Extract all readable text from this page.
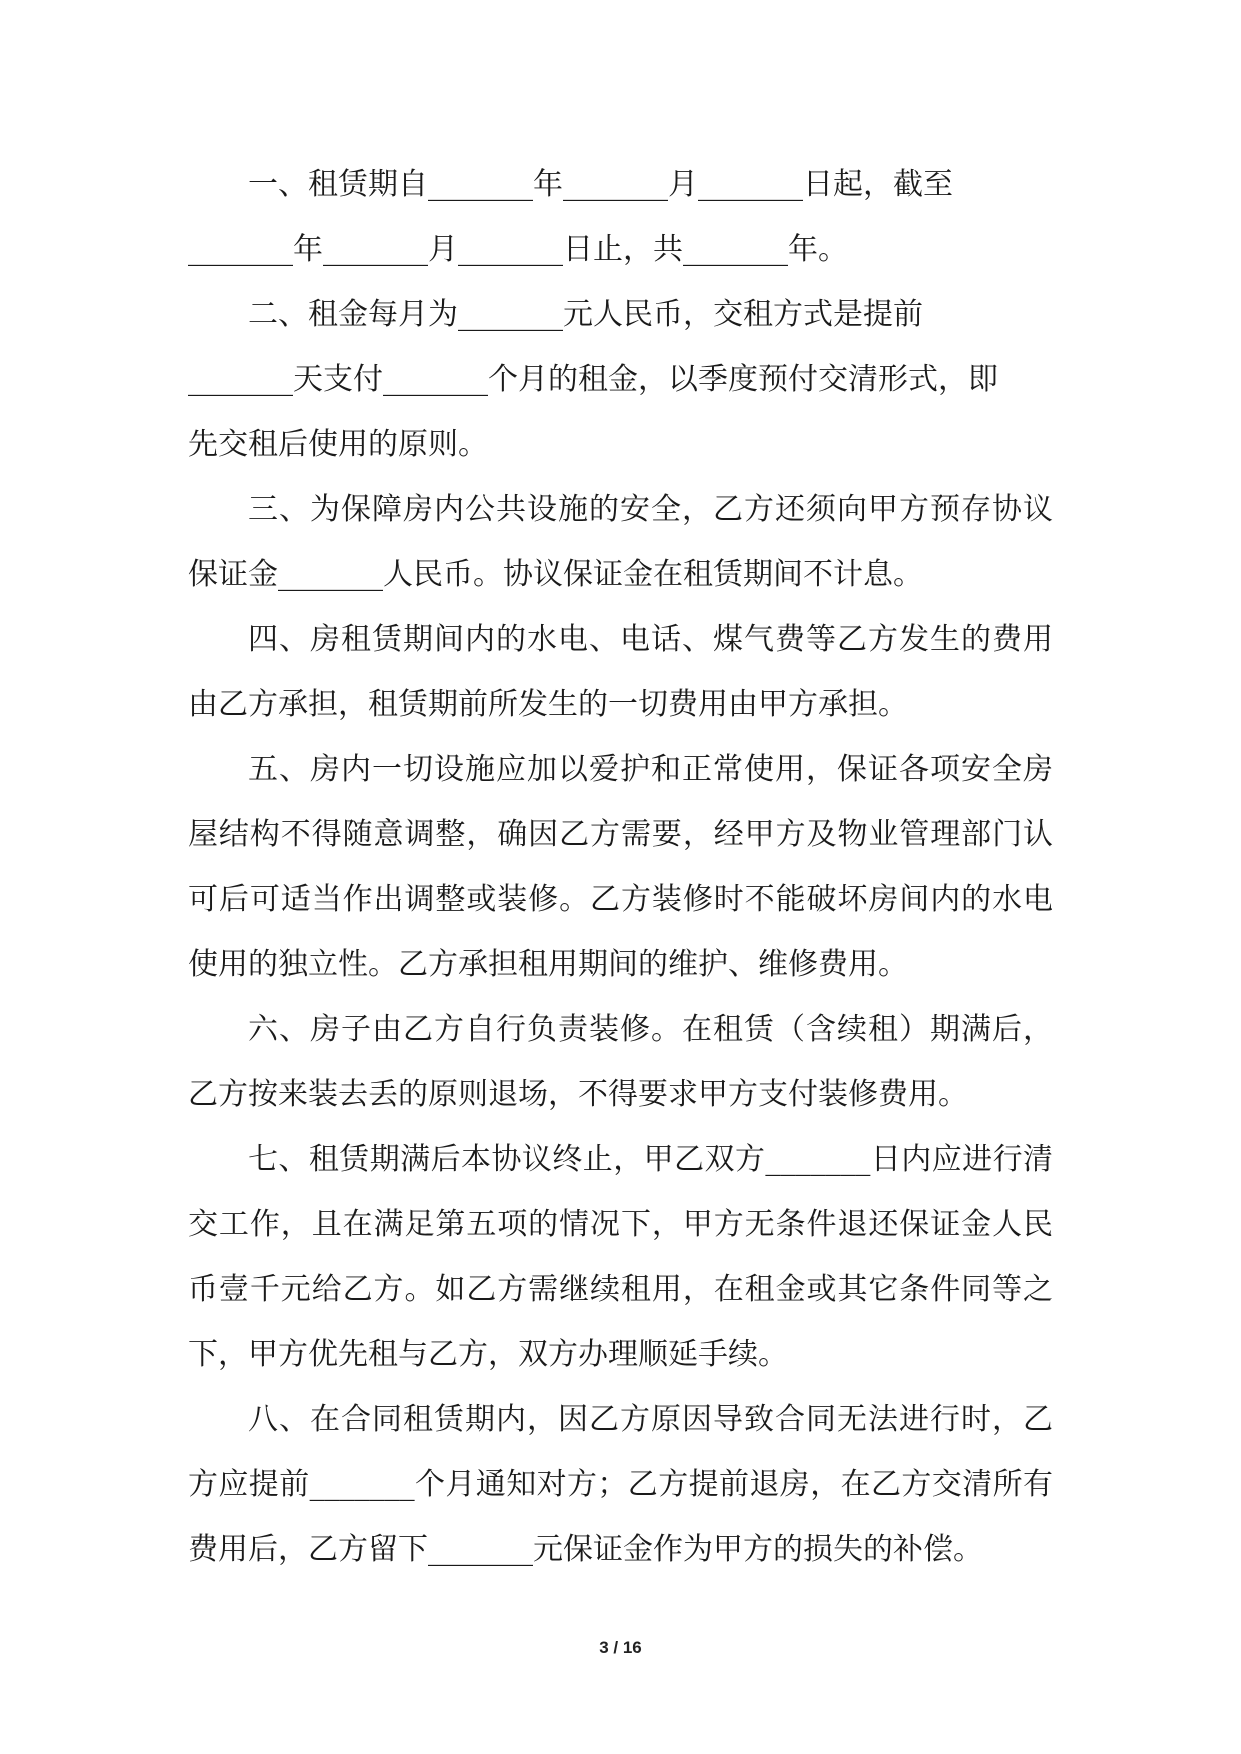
一、租赁期自_______年_______月_______日起，截至

_______年_______月_______日止，共_______年。

二、租金每月为_______元人民币，交租方式是提前

_______天支付_______个月的租金，以季度预付交清形式，即

先交租后使用的原则。

三、为保障房内公共设施的安全，乙方还须向甲方预存协议保证金_______人民币。协议保证金在租赁期间不计息。

四、房租赁期间内的水电、电话、煤气费等乙方发生的费用由乙方承担，租赁期前所发生的一切费用由甲方承担。

五、房内一切设施应加以爱护和正常使用，保证各项安全房屋结构不得随意调整，确因乙方需要，经甲方及物业管理部门认可后可适当作出调整或装修。乙方装修时不能破坏房间内的水电使用的独立性。乙方承担租用期间的维护、维修费用。

六、房子由乙方自行负责装修。在租赁（含续租）期满后，乙方按来装去丢的原则退场，不得要求甲方支付装修费用。

七、租赁期满后本协议终止，甲乙双方_______日内应进行清交工作，且在满足第五项的情况下，甲方无条件退还保证金人民币壹千元给乙方。如乙方需继续租用，在租金或其它条件同等之下，甲方优先租与乙方，双方办理顺延手续。

八、在合同租赁期内，因乙方原因导致合同无法进行时，乙方应提前_______个月通知对方；乙方提前退房，在乙方交清所有费用后，乙方留下_______元保证金作为甲方的损失的补偿。

3 / 16
